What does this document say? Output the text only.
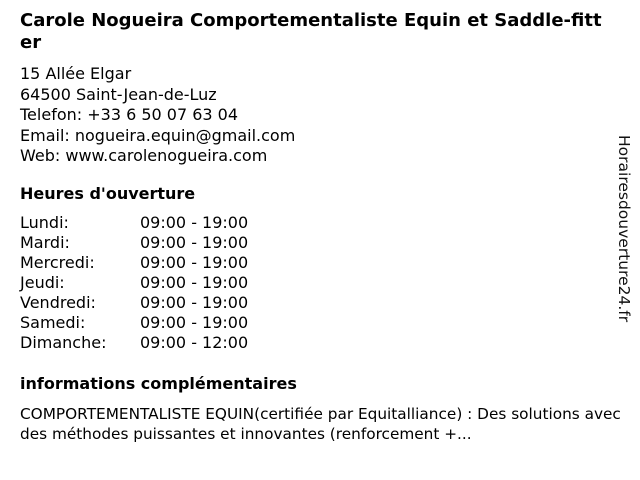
Carole Nogueira Comportementaliste Equin et Saddle-fitter
15 Allée Elgar
64500 Saint-Jean-de-Luz
Telefon: +33 6 50 07 63 04
Email: nogueira.equin@gmail.com
Web: www.carolenogueira.com
Heures d'ouverture
Lundi:	09:00 - 19:00
Mardi:	09:00 - 19:00
Mercredi:	09:00 - 19:00
Jeudi:	09:00 - 19:00
Vendredi:	09:00 - 19:00
Samedi:	09:00 - 19:00
Dimanche:	09:00 - 12:00
informations complémentaires
COMPORTEMENTALISTE EQUIN(certifiée par Equitalliance) : Des solutions avec des méthodes puissantes et innovantes (renforcement +...
Horairesdouverture24.fr
